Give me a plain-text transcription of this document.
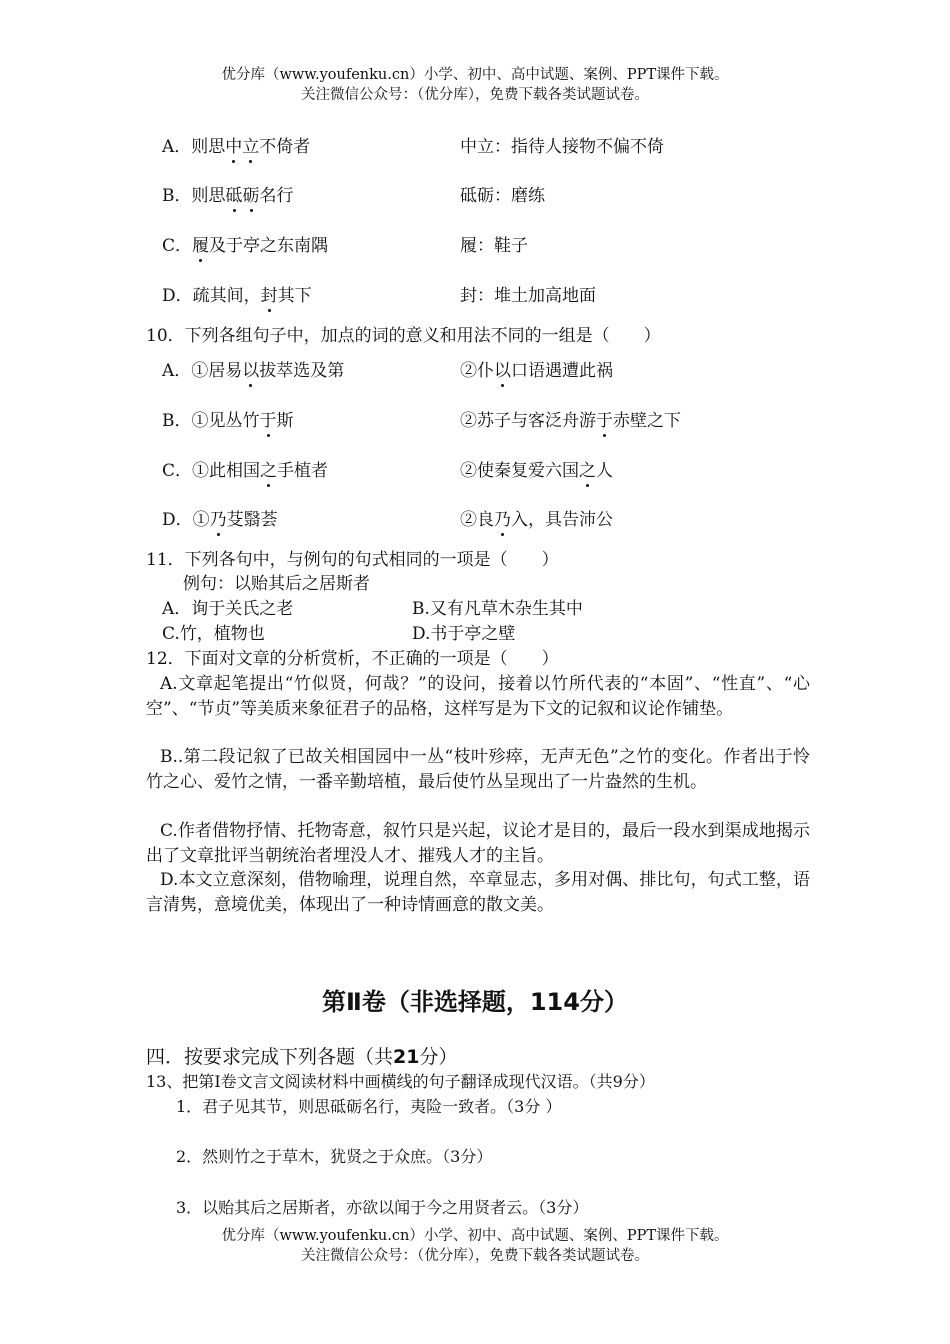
优分库（www.youfenku.cn）小学、初中、高中试题、案例、PPT课件下载。
关注微信公众号：（优分库），免费下载各类试题试卷。
A．则思中立不倚者	中立：指待人接物不偏不倚
B．则思砥砺名行	砥砺：磨练
C．履及于亭之东南隅	履：鞋子
D．疏其间，封其下	封：堆土加高地面
10．下列各组句子中，加点的词的意义和用法不同的一组是（　　）
A．①居易以拔萃选及第	②仆以口语遇遭此祸
B．①见丛竹于斯	②苏子与客泛舟游于赤壁之下
C．①此相国之手植者	②使秦复爱六国之人
D．①乃芟翳荟	②良乃入，具告沛公
11．下列各句中，与例句的句式相同的一项是（　　）
例句：以贻其后之居斯者
A．询于关氏之老	B.又有凡草木杂生其中
C.竹，植物也	D.书于亭之壁
12．下面对文章的分析赏析，不正确的一项是（　　）
A.文章起笔提出“竹似贤，何哉？”的设问，接着以竹所代表的“本固”、“性直”、“心空”、“节贞”等美质来象征君子的品格，这样写是为下文的记叙和议论作铺垫。
B..第二段记叙了已故关相国园中一丛“枝叶殄瘁，无声无色”之竹的变化。作者出于怜竹之心、爱竹之情，一番辛勤培植，最后使竹丛呈现出了一片盎然的生机。
C.作者借物抒情、托物寄意，叙竹只是兴起，议论才是目的，最后一段水到渠成地揭示出了文章批评当朝统治者埋没人才、摧残人才的主旨。
D.本文立意深刻，借物喻理，说理自然，卒章显志，多用对偶、排比句，句式工整，语言清隽，意境优美，体现出了一种诗情画意的散文美。
第Ⅱ卷（非选择题，114分）
四．按要求完成下列各题（共21分）
13、把第Ⅰ卷文言文阅读材料中画横线的句子翻译成现代汉语。（共9分）
1．君子见其节，则思砥砺名行，夷险一致者。（3分 ）
2．然则竹之于草木，犹贤之于众庶。（3分）
3．以贻其后之居斯者，亦欲以闻于今之用贤者云。（3分）
优分库（www.youfenku.cn）小学、初中、高中试题、案例、PPT课件下载。
关注微信公众号：（优分库），免费下载各类试题试卷。
